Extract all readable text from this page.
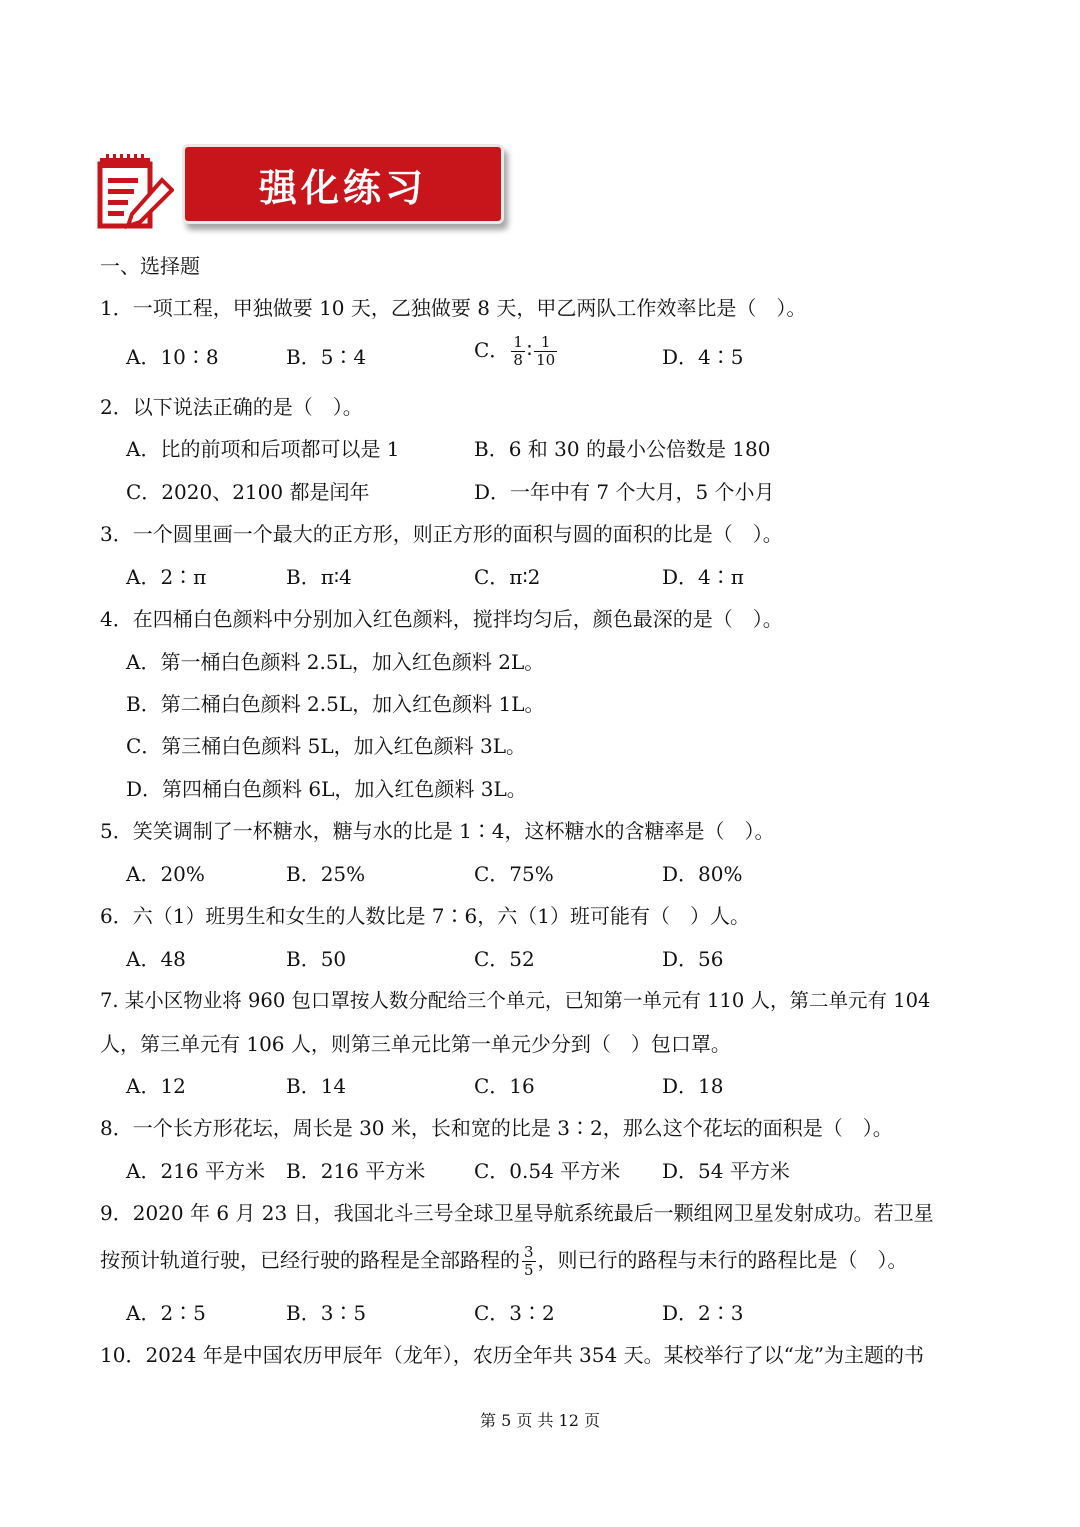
强化练习
一、选择题
1．一项工程，甲独做要 10 天，乙独做要 8 天，甲乙两队工作效率比是（　）。
A．10∶8	B．5∶4	C． $\frac{1}{8}$ ∶ $\frac{1}{10}$	D．4∶5
2．以下说法正确的是（　）。
A．比的前项和后项都可以是 1	B．6 和 30 的最小公倍数是 180
C．2020、2100 都是闰年	D．一年中有 7 个大月，5 个小月
3．一个圆里画一个最大的正方形，则正方形的面积与圆的面积的比是（　）。
A．2∶π	B．π∶4	C．π∶2	D．4∶π
4．在四桶白色颜料中分别加入红色颜料，搅拌均匀后，颜色最深的是（　）。
A．第一桶白色颜料 2.5L，加入红色颜料 2L。
B．第二桶白色颜料 2.5L，加入红色颜料 1L。
C．第三桶白色颜料 5L，加入红色颜料 3L。
D．第四桶白色颜料 6L，加入红色颜料 3L。
5．笑笑调制了一杯糖水，糖与水的比是 1∶4，这杯糖水的含糖率是（　）。
A．20%	B．25%	C．75%	D．80%
6．六（1）班男生和女生的人数比是 7∶6，六（1）班可能有（　）人。
A．48	B．50	C．52	D．56
7. 某小区物业将 960 包口罩按人数分配给三个单元，已知第一单元有 110 人，第二单元有 104
人，第三单元有 106 人，则第三单元比第一单元少分到（　）包口罩。
A．12	B．14	C．16	D．18
8．一个长方形花坛，周长是 30 米，长和宽的比是 3∶2，那么这个花坛的面积是（　）。
A．216 平方米 B．216 平方米 C．0.54 平方米 D．54 平方米
9．2020 年 6 月 23 日，我国北斗三号全球卫星导航系统最后一颗组网卫星发射成功。若卫星
按预计轨道行驶，已经行驶的路程是全部路程的 $\frac{3}{5}$ ，则已行的路程与未行的路程比是（　）。
A．2∶5	B．3∶5	C．3∶2	D．2∶3
10．2024 年是中国农历甲辰年（龙年），农历全年共 354 天。某校举行了以“龙”为主题的书
第 5 页 共 12 页
